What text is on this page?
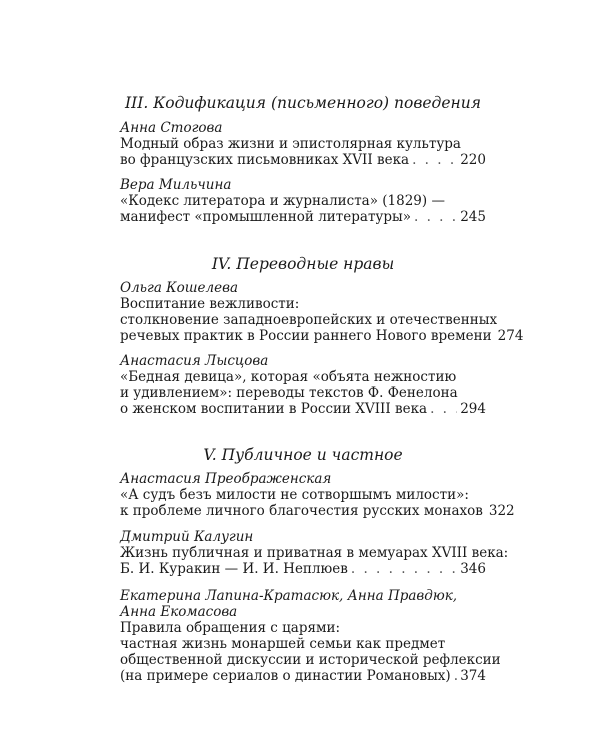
III. Кодификация (письменного) поведения
Анна Стогова
Модный образ жизни и эпистолярная культура
во французских письмовниках XVII века . . .	220
Вера Мильчина
«Кодекс литератора и журналиста» (1829) —
манифест «промышленной литературы» . . .	245
IV. Переводные нравы
Ольга Кошелева
Воспитание вежливости:
столкновение западноевропейских и отечественных
речевых практик в России раннего Нового времени 274
Анастасия Лысцова
«Бедная девица», которая «объята нежностию
и удивлением»: переводы текстов Ф. Фенелона
о женском воспитании в России XVIII века . . . 294
V. Публичное и частное
Анастасия Преображенская
«А судъ безъ милости не сотворшымъ милости»:
к проблеме личного благочестия русских монахов 322
Дмитрий Калугин
Жизнь публичная и приватная в мемуарах XVIII века:
Б. И. Куракин — И. И. Неплюев . . .	346
Екатерина Лапина-Кратасюк, Анна Правдюк,
Анна Екомасова
Правила обращения с царями:
частная жизнь монаршей семьи как предмет
общественной дискуссии и исторической рефлексии
(на примере сериалов о династии Романовых) . . . 374
